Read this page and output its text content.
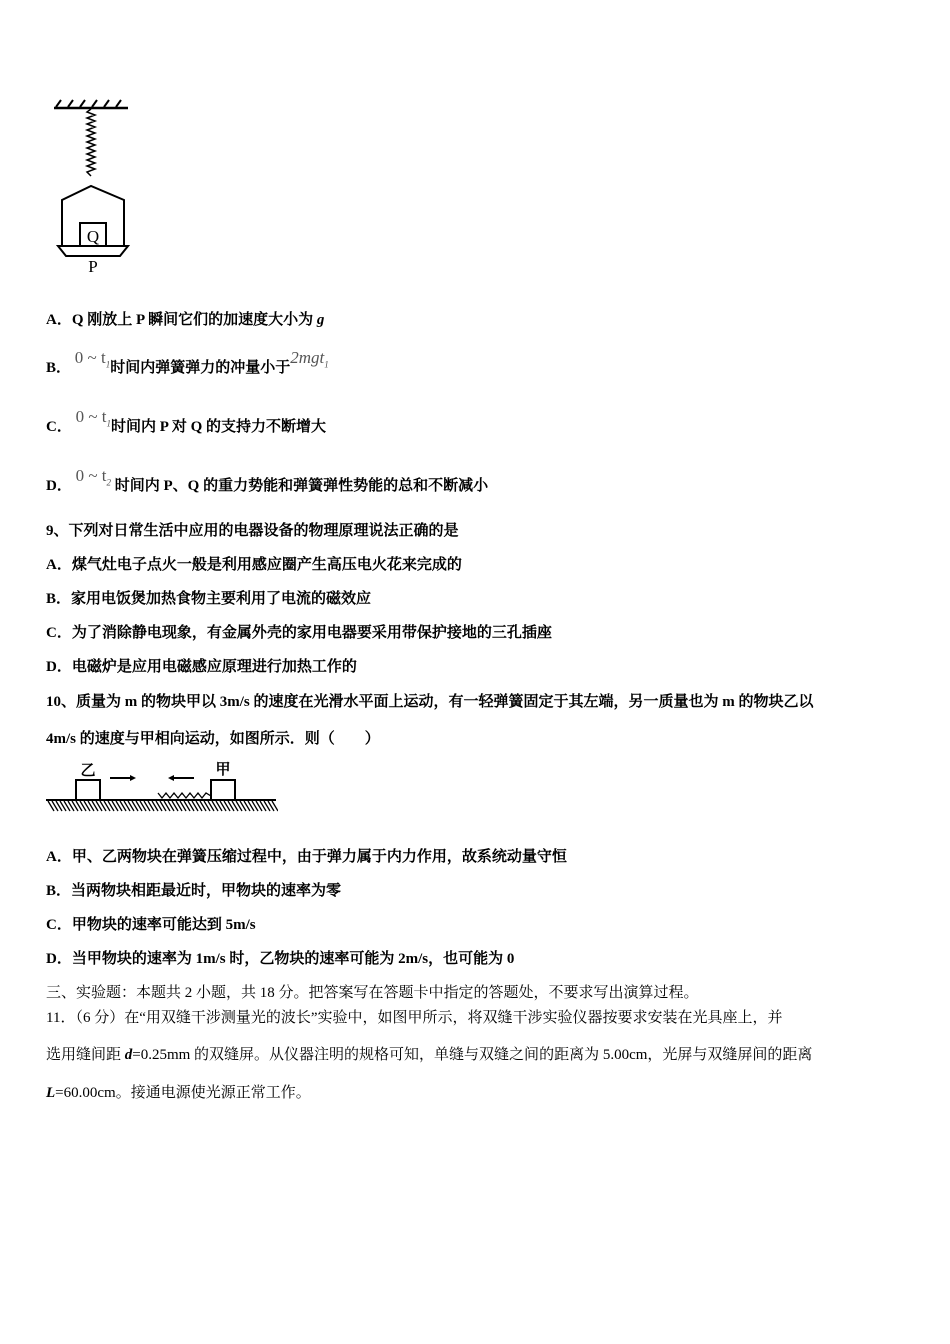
Q
P
A．Q 刚放上 P 瞬间它们的加速度大小为 g
B． 0 ~ $t_1$时间内弹簧弹力的冲量小于2mgt$_1$
C． 0 ~ $t_1$时间内 P 对 Q 的支持力不断增大
D． 0 ~ $t_2$ 时间内 P、Q 的重力势能和弹簧弹性势能的总和不断减小
9、下列对日常生活中应用的电器设备的物理原理说法正确的是
A．煤气灶电子点火一般是利用感应圈产生高压电火花来完成的
B．家用电饭煲加热食物主要利用了电流的磁效应
C．为了消除静电现象，有金属外壳的家用电器要采用带保护接地的三孔插座
D．电磁炉是应用电磁感应原理进行加热工作的
10、质量为 m 的物块甲以 3m/s 的速度在光滑水平面上运动，有一轻弹簧固定于其左端，另一质量也为 m 的物块乙以
4m/s 的速度与甲相向运动，如图所示．则（　　）
乙	甲
A．甲、乙两物块在弹簧压缩过程中，由于弹力属于内力作用，故系统动量守恒
B．当两物块相距最近时，甲物块的速率为零
C．甲物块的速率可能达到 5m/s
D．当甲物块的速率为 1m/s 时，乙物块的速率可能为 2m/s，也可能为 0
三、实验题：本题共 2 小题，共 18 分。把答案写在答题卡中指定的答题处，不要求写出演算过程。
11．（6 分）在“用双缝干涉测量光的波长”实验中，如图甲所示，将双缝干涉实验仪器按要求安装在光具座上，并
选用缝间距 d=0.25mm 的双缝屏。从仪器注明的规格可知，单缝与双缝之间的距离为 5.00cm，光屏与双缝屏间的距离
L=60.00cm。接通电源使光源正常工作。
